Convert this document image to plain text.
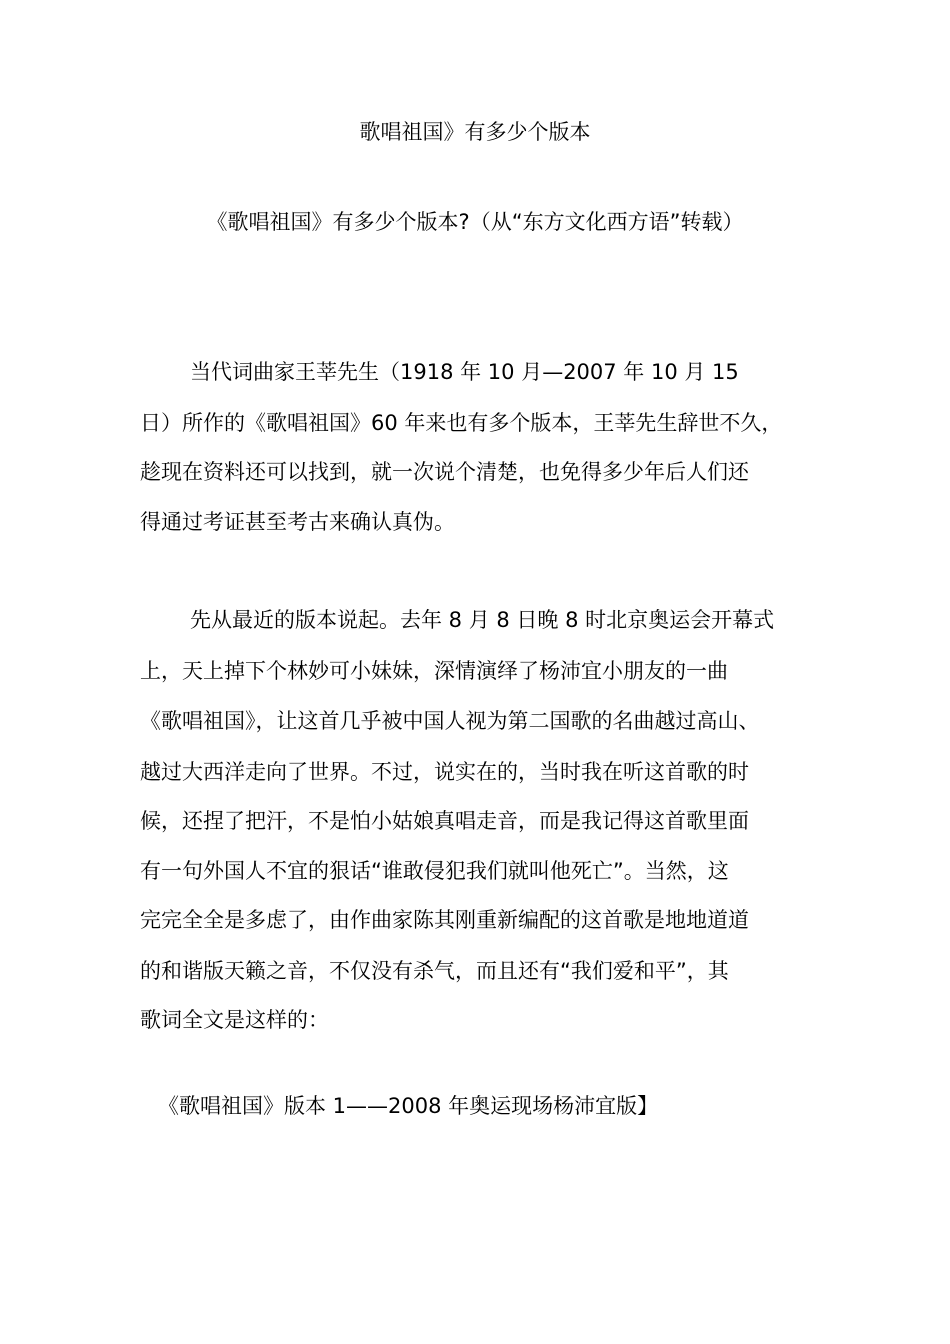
歌唱祖国》有多少个版本
《歌唱祖国》有多少个版本?（从“东方文化西方语”转载）
当代词曲家王莘先生（1918 年 10 月—2007 年 10 月 15
日）所作的《歌唱祖国》60 年来也有多个版本，王莘先生辞世不久，
趁现在资料还可以找到，就一次说个清楚，也免得多少年后人们还
得通过考证甚至考古来确认真伪。
先从最近的版本说起。去年 8 月 8 日晚 8 时北京奥运会开幕式
上，天上掉下个林妙可小妹妹，深情演绎了杨沛宜小朋友的一曲
《歌唱祖国》，让这首几乎被中国人视为第二国歌的名曲越过高山、
越过大西洋走向了世界。不过，说实在的，当时我在听这首歌的时
候，还捏了把汗，不是怕小姑娘真唱走音，而是我记得这首歌里面
有一句外国人不宜的狠话“谁敢侵犯我们就叫他死亡”。当然，这
完完全全是多虑了，由作曲家陈其刚重新编配的这首歌是地地道道
的和谐版天籁之音，不仅没有杀气，而且还有“我们爱和平”，其
歌词全文是这样的：
《歌唱祖国》版本 1——2008 年奥运现场杨沛宜版】
